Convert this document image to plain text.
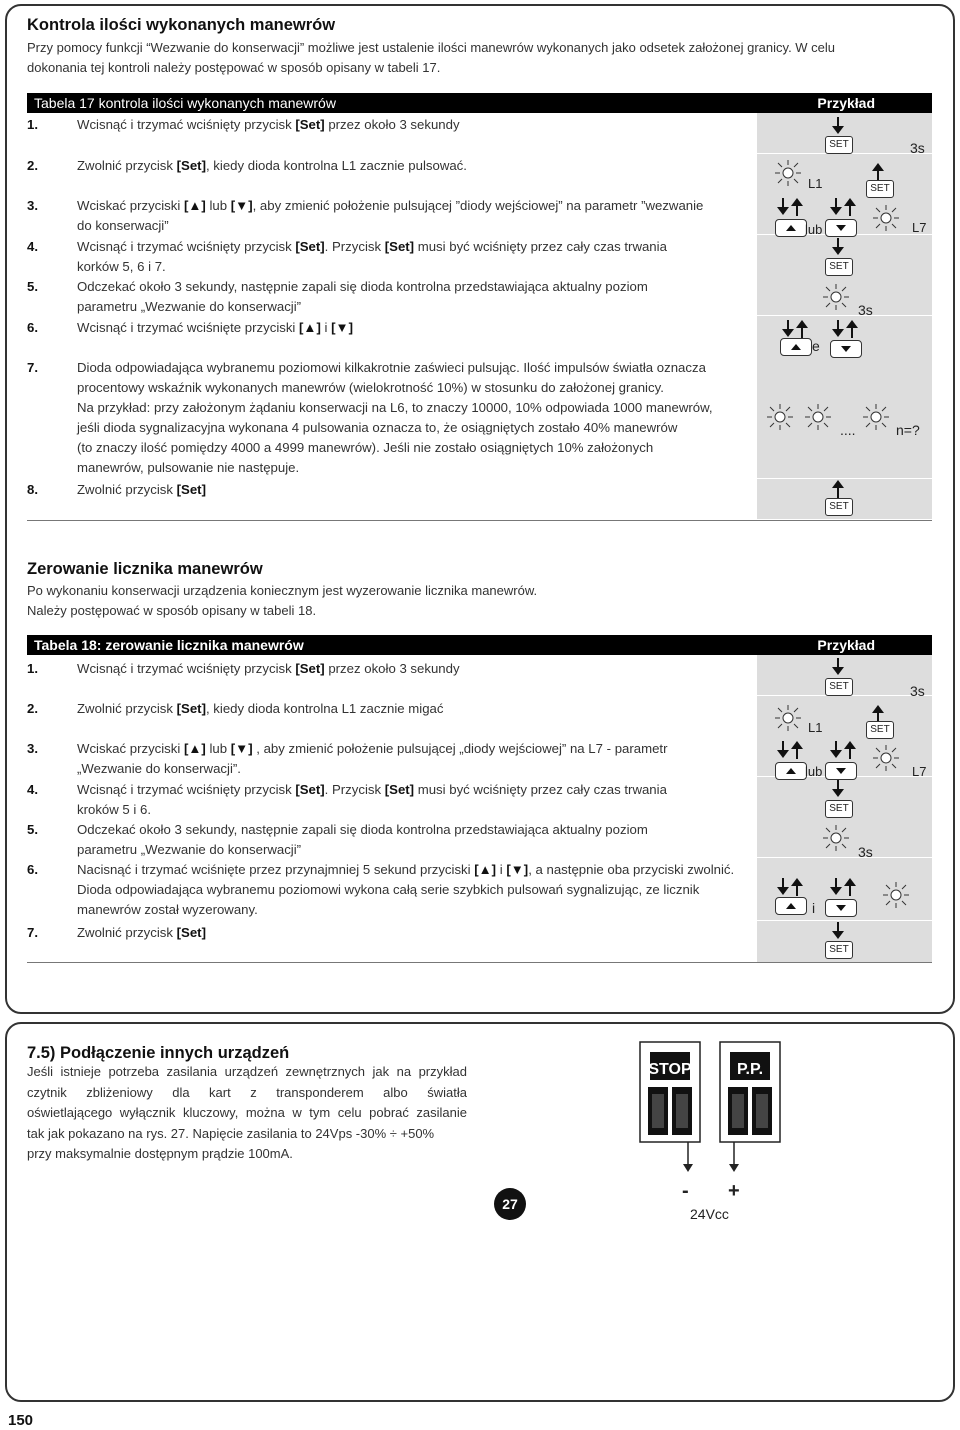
Kontrola ilości wykonanych manewrów
Przy pomocy funkcji “Wezwanie do konserwacji” możliwe jest ustalenie ilości manewrów wykonanych jako odsetek założonej granicy. W celu
dokonania tej kontroli należy postępować w sposób opisany w tabeli 17.
Tabela 17 kontrola ilości wykonanych manewrów	Przykład
1.	Wcisnąć i trzymać wciśnięty przycisk [Set] przez około 3 sekundy
2.	Zwolnić przycisk [Set], kiedy dioda kontrolna L1 zacznie pulsować.
3.	Wciskać przyciski [▲] lub [▼], aby zmienić położenie pulsującej ”diody wejściowej” na parametr ”wezwanie
do konserwacji”
4.	Wcisnąć i trzymać wciśnięty przycisk [Set]. Przycisk [Set] musi być wciśnięty przez cały czas trwania
korków 5, 6 i 7.
5.	Odczekać około 3 sekundy, następnie zapali się dioda kontrolna przedstawiająca aktualny poziom
parametru „Wezwanie do konserwacji”
6.	Wcisnąć i trzymać wciśnięte przyciski [▲] i [▼]
7.	Dioda odpowiadająca wybranemu poziomowi kilkakrotnie zaświeci pulsując. Ilość impulsów światła oznacza
procentowy wskaźnik wykonanych manewrów (wielokrotność 10%) w stosunku do założonej granicy.
Na przykład: przy założonym żądaniu konserwacji na L6, to znaczy 10000, 10% odpowiada 1000 manewrów,
jeśli dioda sygnalizacyjna wykonana 4 pulsowania oznacza to, że osiągniętych zostało 40% manewrów
(to znaczy ilość pomiędzy 4000 a 4999 manewrów). Jeśli nie zostało osiągniętych 10% założonych
manewrów, pulsowanie nie następuje.
8.	Zwolnić przycisk [Set]
Zerowanie licznika manewrów
Po wykonaniu konserwacji urządzenia koniecznym jest wyzerowanie licznika manewrów.
Należy postępować w sposób opisany w tabeli 18.
Tabela 18: zerowanie licznika manewrów	Przykład
1.	Wcisnąć i trzymać wciśnięty przycisk [Set] przez około 3 sekundy
2.	Zwolnić przycisk [Set], kiedy dioda kontrolna L1 zacznie migać
3.	Wciskać przyciski [▲] lub [▼] , aby zmienić położenie pulsującej „diody wejściowej” na L7 - parametr
„Wezwanie do konserwacji”.
4.	Wcisnąć i trzymać wciśnięty przycisk [Set]. Przycisk [Set] musi być wciśnięty przez cały czas trwania
kroków 5 i 6.
5.	Odczekać około 3 sekundy, następnie zapali się dioda kontrolna przedstawiająca aktualny poziom
parametru „Wezwanie do konserwacji”
6.	Nacisnąć i trzymać wciśnięte przez przynajmniej 5 sekund przyciski [▲] i [▼], a następnie oba przyciski zwolnić.
Dioda odpowiadająca wybranemu poziomowi wykona całą serie szybkich pulsowań sygnalizując, ze licznik
manewrów został wyzerowany.
7.	Zwolnić przycisk [Set]
7.5) Podłączenie innych urządzeń
Jeśli istnieje potrzeba zasilania urządzeń zewnętrznych jak na przykład
czytnik zbliżeniowy dla kart z transponderem albo światła
oświetlającego wyłącznik kluczowy, można w tym celu pobrać zasilanie
tak jak pokazano na rys. 27. Napięcie zasilania to 24Vps -30% ÷ +50%
przy maksymalnie dostępnym prądzie 100mA.
STOP	P.P.
- +
24Vcc
27
150
SET	3s
L1	SET
lub	L7
SET
3s
e
....	n=?
SET
SET	3s
L1	SET
lub	L7
SET
3s
i
SET
